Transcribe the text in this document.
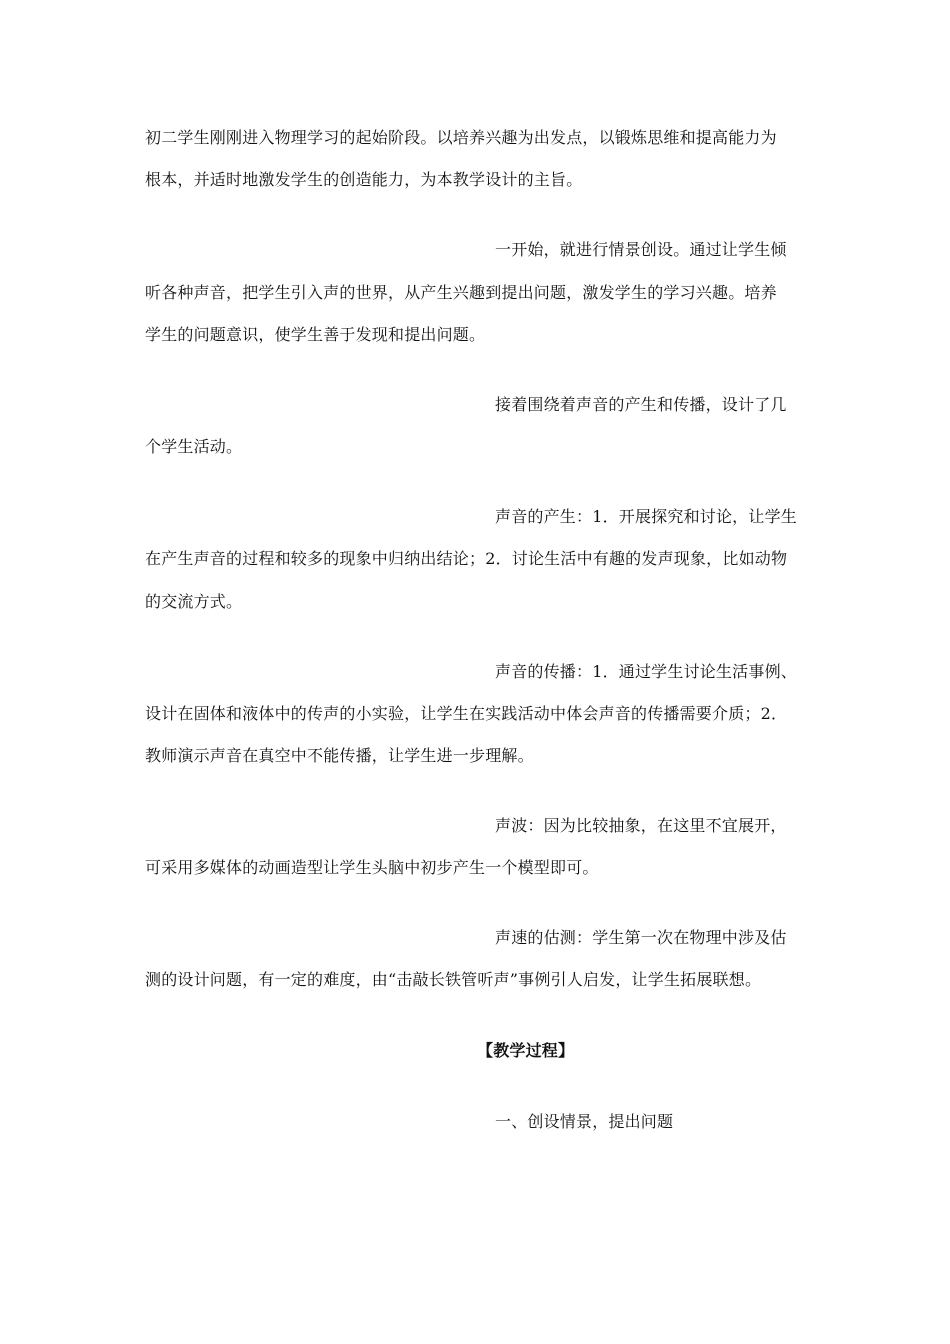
初二学生刚刚进入物理学习的起始阶段。以培养兴趣为出发点，以锻炼思维和提高能力为
根本，并适时地激发学生的创造能力，为本教学设计的主旨。
一开始，就进行情景创设。通过让学生倾
听各种声音，把学生引入声的世界，从产生兴趣到提出问题，激发学生的学习兴趣。培养
学生的问题意识，使学生善于发现和提出问题。
接着围绕着声音的产生和传播，设计了几
个学生活动。
声音的产生：1．开展探究和讨论，让学生
在产生声音的过程和较多的现象中归纳出结论；2．讨论生活中有趣的发声现象，比如动物
的交流方式。
声音的传播：1．通过学生讨论生活事例、
设计在固体和液体中的传声的小实验，让学生在实践活动中体会声音的传播需要介质；2．
教师演示声音在真空中不能传播，让学生进一步理解。
声波：因为比较抽象，在这里不宜展开，
可采用多媒体的动画造型让学生头脑中初步产生一个模型即可。
声速的估测：学生第一次在物理中涉及估
测的设计问题，有一定的难度，由“击敲长铁管听声”事例引人启发，让学生拓展联想。
【教学过程】
一、创设情景，提出问题
